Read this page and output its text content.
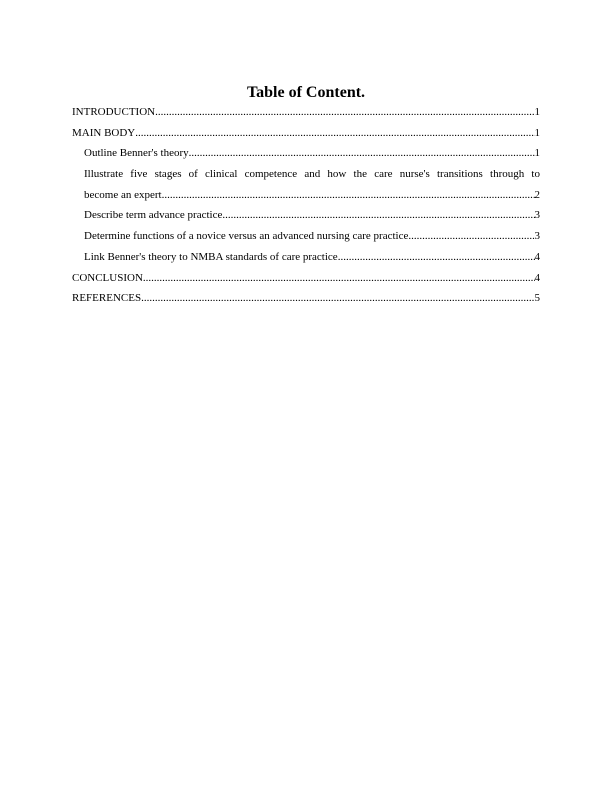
Table of Content.
INTRODUCTION .....	1
MAIN BODY .....	1
Outline Benner's theory .....	1
Illustrate five stages of clinical competence and how the care nurse's transitions through to
become an expert .....	2
Describe term advance practice .....	3
Determine functions of a novice versus an advanced nursing care practice .....	3
Link Benner's theory to NMBA standards of care practice .....	4
CONCLUSION .....	4
REFERENCES .....	5
